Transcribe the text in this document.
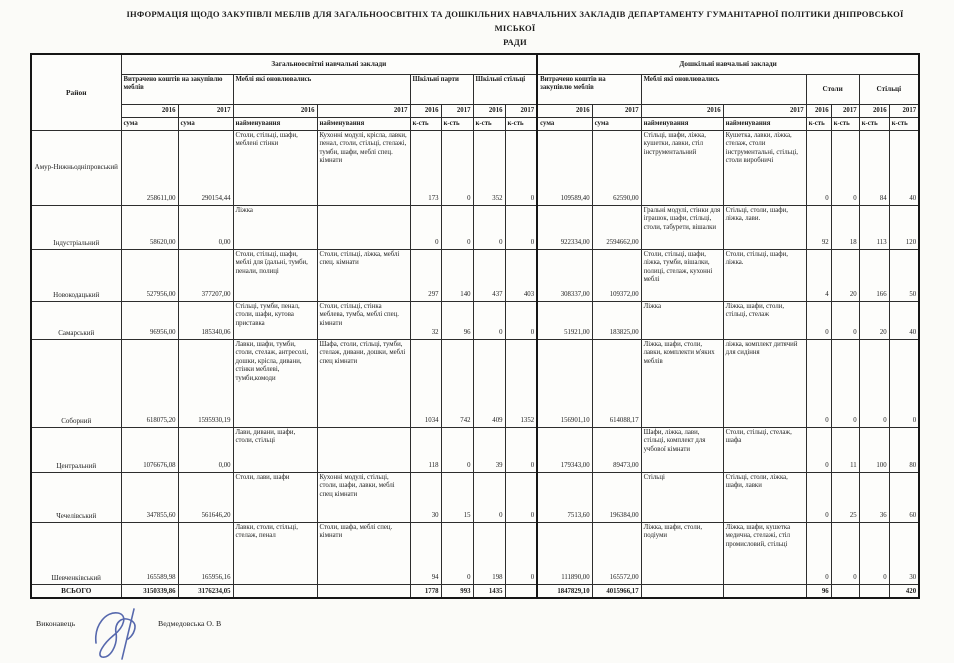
ІНФОРМАЦІЯ ЩОДО ЗАКУПІВЛІ МЕБЛІВ ДЛЯ ЗАГАЛЬНООСВІТНІХ ТА ДОШКІЛЬНИХ НАВЧАЛЬНИХ ЗАКЛАДІВ ДЕПАРТАМЕНТУ ГУМАНІТАРНОЇ ПОЛІТИКИ ДНІПРОВСЬКОЇ МІСЬКОЇ
РАДИ
Район	Загальноосвітні навчальні заклади								Дошкільні навчальні заклади							
	Витрачено коштів на закупівлю меблів		Меблі які оновлювались		Шкільні парти		Шкільні стільці		Витрачено коштів на закупівлю меблів		Меблі які оновлювались		Столи		Стільці	
	2016	2017	2016	2017	2016	2017	2016	2017	2016	2017	2016	2017	2016	2017	2016	2017
	сума	сума	найменування	найменування	к-сть	к-сть	к-сть	к-сть	сума	сума	найменування	найменування	к-сть	к-сть	к-сть	к-сть
Амур-Нижньодніпровський	258611,00	290154,44	Столи, стільці, шафи, меблені стінки	Кухонні модулі, крісла, лавки, пенал, столи, стільці, стелажі, тумби, шафи, меблі спец. кімнати	173	0	352	0	109589,40	62590,00	Стільці, шафи, ліжка, кушетки, лавки, стіл інструментальний	Кушетка, лавки, ліжка, стелаж, столи інструментальні, стільці, столи виробничі	0	0	84	40
Індустріальний	58620,00	0,00	Ліжка		0	0	0	0	922334,00	2594662,00	Гральні модулі, стінки для іграшок, шафи, стільці, столи, табурети, вішалки	Стільці, столи, шафи, ліжка, лави.	92	18	113	120
Новокодацький	527956,00	377207,00	Столи, стільці, шафи, меблі для їдальні, тумби, пенали, полиці	Столи, стільці, ліжка, меблі спец. кімнати	297	140	437	403	308337,00	109372,00	Столи, стільці, шафи, ліжка, тумби, вішалки, полиці, стелаж, кухонні меблі	Столи, стільці, шафи, ліжка.	4	20	166	50
Самарський	96956,00	185340,06	Стільці, тумби, пенал, столи, шафи, кутова приставка	Столи, стільці, стінка меблева, тумба, меблі спец. кімнати	32	96	0	0	51921,00	183825,00	Ліжка	Ліжка, шафи, столи, стільці, стелаж	0	0	20	40
Соборний	618075,20	1595930,19	Лавки, шафи, тумби, столи, стелаж, антресолі, дошки, крісла, дивани, стінки меблеві, тумби,комоди	Шафа, столи, стільці, тумби, стелаж, дивани, дошки, меблі спец кімнати	1034	742	409	1352	156901,10	614088,17	Ліжка, шафи, столи, лавки, комплекти м'яких меблів	ліжка, комплект дитячий для сидіння	0	0	0	0
Центральний	1076676,08	0,00	Лави, дивани, шафи, столи, стільці		118	0	39	0	179343,00	89473,00	Шафи, ліжка, лави, стільці, комплект для учбової кімнати	Столи, стільці, стелаж, шафа	0	11	100	80
Чечелівський	347855,60	561646,20	Столи, лави, шафи	Кухонні модулі, стільці, столи, шафи, лавки, меблі спец кімнати	30	15	0	0	7513,60	196384,00	Стільці	Стільці, столи, ліжка, шафи, лавки	0	25	36	60
Шевченківський	165589,98	165956,16	Лавки, столи, стільці, стелаж, пенал	Столи, шафа, меблі спец. кімнати	94	0	198	0	111890,00	165572,00	Ліжка, шафи, столи, подіуми	Ліжка, шафи, кушетка медична, стелажі, стіл промисловий, стільці	0	0	0	30
ВСЬОГО	3150339,86	3176234,05			1778	993	1435		1847829,10	4015966,17			96			420
Виконавець	Ведмедовська О. В
